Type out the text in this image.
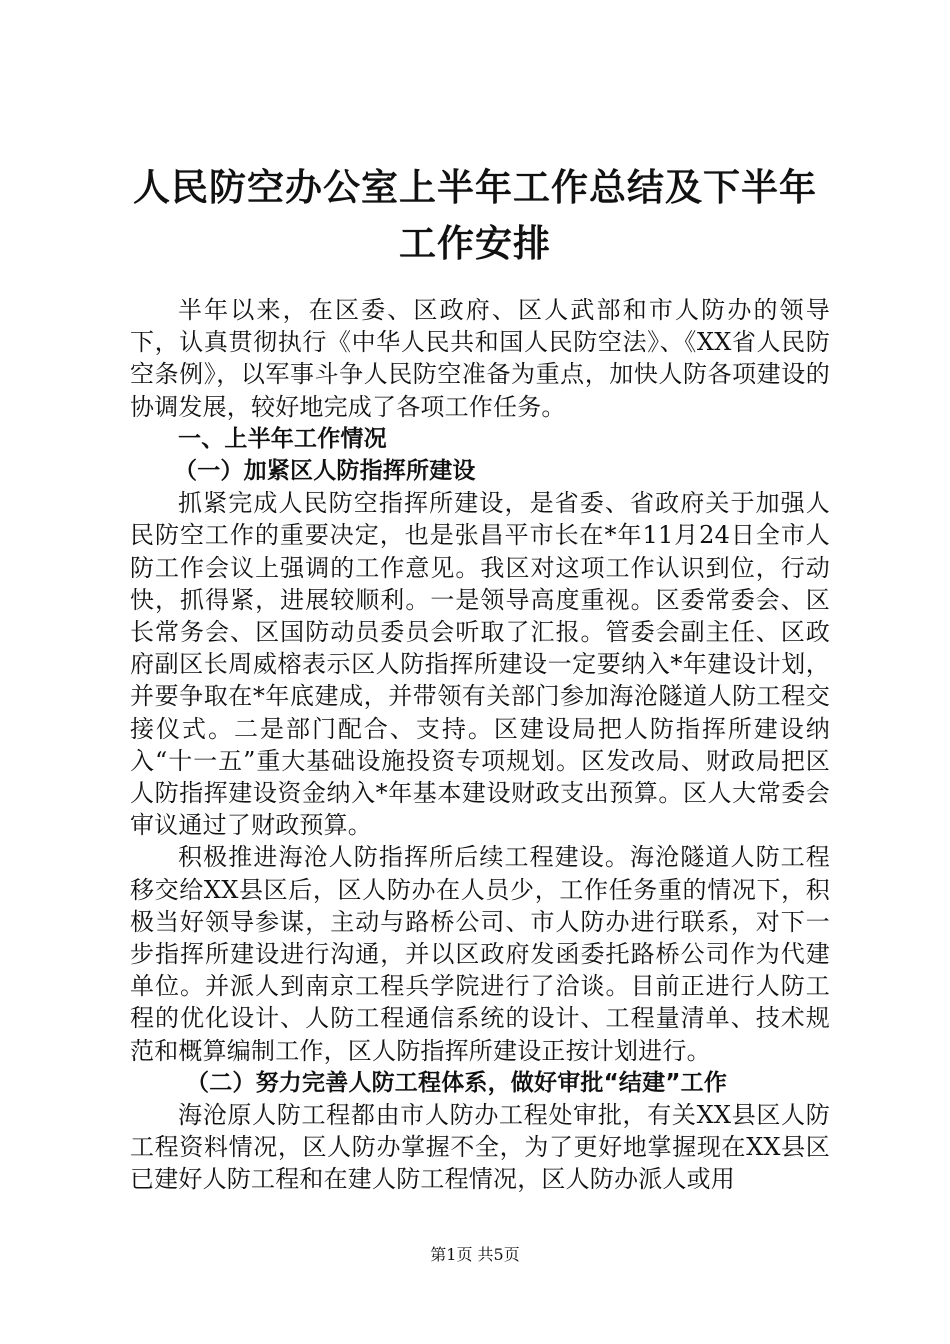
人民防空办公室上半年工作总结及下半年工作安排

半年以来，在区委、区政府、区人武部和市人防办的领导下，认真贯彻执行《中华人民共和国人民防空法》、《XX省人民防空条例》，以军事斗争人民防空准备为重点，加快人防各项建设的协调发展，较好地完成了各项工作任务。

一、上半年工作情况

（一）加紧区人防指挥所建设

抓紧完成人民防空指挥所建设，是省委、省政府关于加强人民防空工作的重要决定，也是张昌平市长在*年11月24日全市人防工作会议上强调的工作意见。我区对这项工作认识到位，行动快，抓得紧，进展较顺利。一是领导高度重视。区委常委会、区长常务会、区国防动员委员会听取了汇报。管委会副主任、区政府副区长周威榕表示区人防指挥所建设一定要纳入*年建设计划，并要争取在*年底建成，并带领有关部门参加海沧隧道人防工程交接仪式。二是部门配合、支持。区建设局把人防指挥所建设纳入“十一五”重大基础设施投资专项规划。区发改局、财政局把区人防指挥建设资金纳入*年基本建设财政支出预算。区人大常委会审议通过了财政预算。

积极推进海沧人防指挥所后续工程建设。海沧隧道人防工程移交给XX县区后，区人防办在人员少，工作任务重的情况下，积极当好领导参谋，主动与路桥公司、市人防办进行联系，对下一步指挥所建设进行沟通，并以区政府发函委托路桥公司作为代建单位。并派人到南京工程兵学院进行了洽谈。目前正进行人防工程的优化设计、人防工程通信系统的设计、工程量清单、技术规范和概算编制工作，区人防指挥所建设正按计划进行。

（二）努力完善人防工程体系，做好审批“结建”工作

海沧原人防工程都由市人防办工程处审批，有关XX县区人防工程资料情况，区人防办掌握不全，为了更好地掌握现在XX县区已建好人防工程和在建人防工程情况，区人防办派人或用

第1页 共5页
